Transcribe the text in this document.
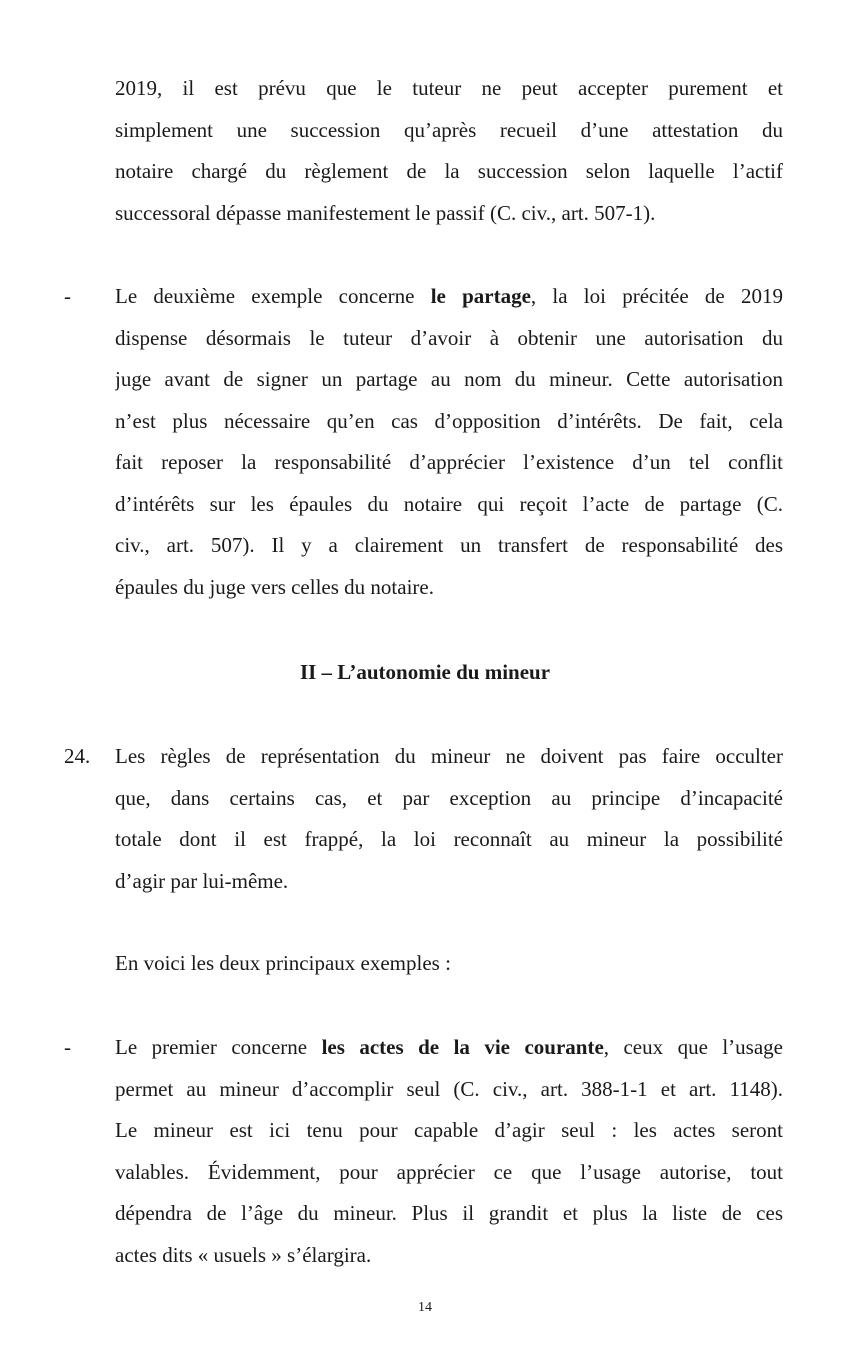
2019, il est prévu que le tuteur ne peut accepter purement et
simplement une succession qu’après recueil d’une attestation du
notaire chargé du règlement de la succession selon laquelle l’actif
successoral dépasse manifestement le passif (C. civ., art. 507-1).
- Le deuxième exemple concerne le partage, la loi précitée de 2019
dispense désormais le tuteur d’avoir à obtenir une autorisation du
juge avant de signer un partage au nom du mineur. Cette autorisation
n’est plus nécessaire qu’en cas d’opposition d’intérêts. De fait, cela
fait reposer la responsabilité d’apprécier l’existence d’un tel conflit
d’intérêts sur les épaules du notaire qui reçoit l’acte de partage (C.
civ., art. 507). Il y a clairement un transfert de responsabilité des
épaules du juge vers celles du notaire.
II – L’autonomie du mineur
24. Les règles de représentation du mineur ne doivent pas faire occulter
que, dans certains cas, et par exception au principe d’incapacité
totale dont il est frappé, la loi reconnaît au mineur la possibilité
d’agir par lui-même.
En voici les deux principaux exemples :
- Le premier concerne les actes de la vie courante, ceux que l’usage
permet au mineur d’accomplir seul (C. civ., art. 388-1-1 et art. 1148).
Le mineur est ici tenu pour capable d’agir seul : les actes seront
valables. Évidemment, pour apprécier ce que l’usage autorise, tout
dépendra de l’âge du mineur. Plus il grandit et plus la liste de ces
actes dits « usuels » s’élargira.
14
